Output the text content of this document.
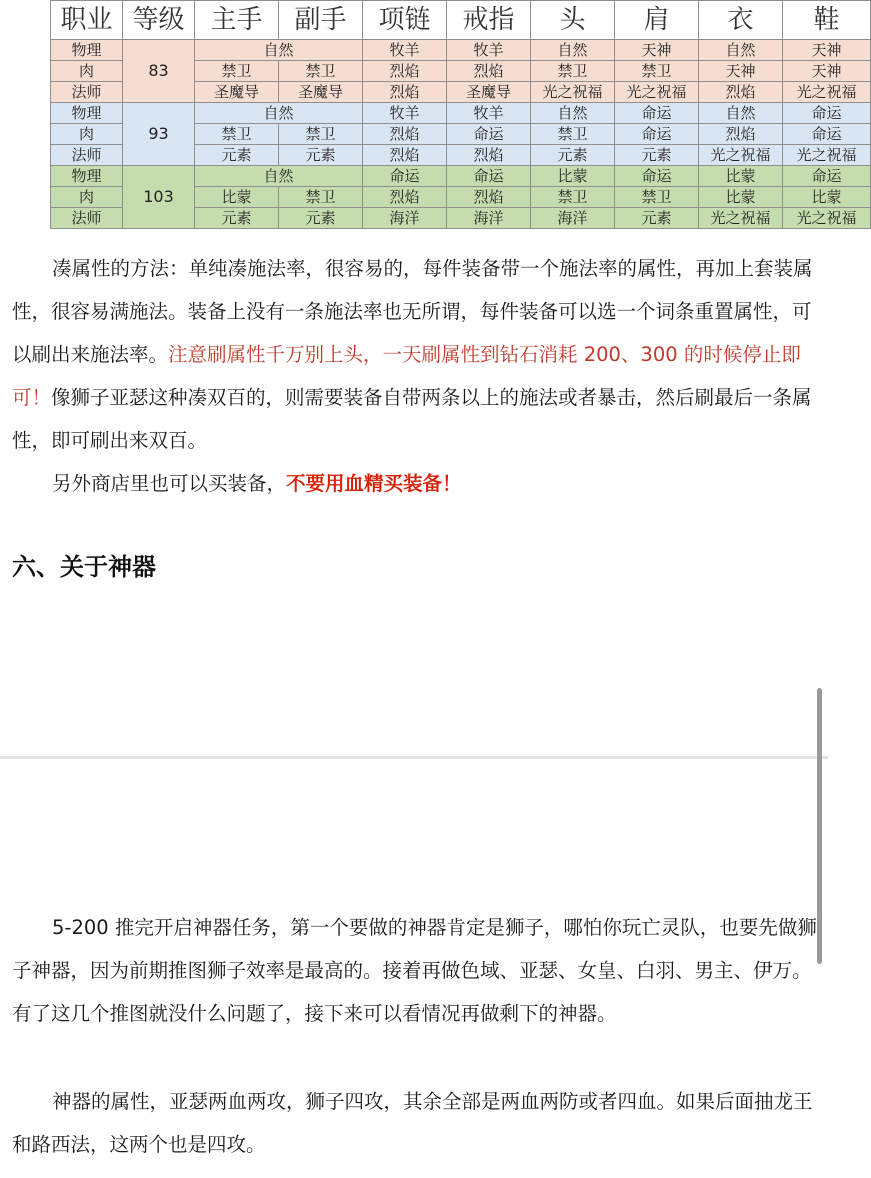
职业	等级	主手	副手	项链	戒指	头	肩	衣	鞋
物理	83	自然		牧羊	牧羊	自然	天神	自然	天神
肉		禁卫	禁卫	烈焰	烈焰	禁卫	禁卫	天神	天神
法师		圣魔导	圣魔导	烈焰	圣魔导	光之祝福	光之祝福	烈焰	光之祝福
物理	93	自然		牧羊	牧羊	自然	命运	自然	命运
肉		禁卫	禁卫	烈焰	命运	禁卫	命运	烈焰	命运
法师		元素	元素	烈焰	烈焰	元素	元素	光之祝福	光之祝福
物理	103	自然		命运	命运	比蒙	命运	比蒙	命运
肉		比蒙	禁卫	烈焰	烈焰	禁卫	禁卫	比蒙	比蒙
法师		元素	元素	海洋	海洋	海洋	元素	光之祝福	光之祝福

凑属性的方法：单纯凑施法率，很容易的，每件装备带一个施法率的属性，再加上套装属性，很容易满施法。装备上没有一条施法率也无所谓，每件装备可以选一个词条重置属性，可以刷出来施法率。注意刷属性千万别上头，一天刷属性到钻石消耗 200、300 的时候停止即可！像狮子亚瑟这种凑双百的，则需要装备自带两条以上的施法或者暴击，然后刷最后一条属性，即可刷出来双百。

另外商店里也可以买装备，不要用血精买装备！

六、关于神器

5-200 推完开启神器任务，第一个要做的神器肯定是狮子，哪怕你玩亡灵队，也要先做狮子神器，因为前期推图狮子效率是最高的。接着再做色域、亚瑟、女皇、白羽、男主、伊万。有了这几个推图就没什么问题了，接下来可以看情况再做剩下的神器。

神器的属性，亚瑟两血两攻，狮子四攻，其余全部是两血两防或者四血。如果后面抽龙王和路西法，这两个也是四攻。
